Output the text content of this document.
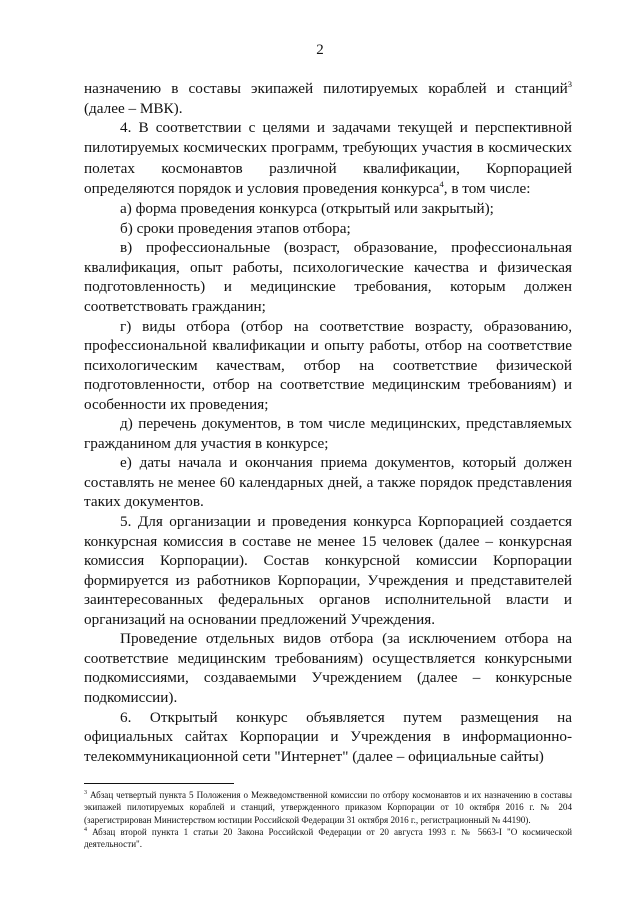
2

назначению в составы экипажей пилотируемых кораблей и станций$^3$ (далее – МВК).

4. В соответствии с целями и задачами текущей и перспективной пилотируемых космических программ, требующих участия в космических полетах космонавтов различной квалификации, Корпорацией определяются порядок и условия проведения конкурса$^4$, в том числе:

а) форма проведения конкурса (открытый или закрытый);

б) сроки проведения этапов отбора;

в) профессиональные (возраст, образование, профессиональная квалификация, опыт работы, психологические качества и физическая подготовленность) и медицинские требования, которым должен соответствовать гражданин;

г) виды отбора (отбор на соответствие возрасту, образованию, профессиональной квалификации и опыту работы, отбор на соответствие психологическим качествам, отбор на соответствие физической подготовленности, отбор на соответствие медицинским требованиям) и особенности их проведения;

д) перечень документов, в том числе медицинских, представляемых гражданином для участия в конкурсе;

е) даты начала и окончания приема документов, который должен составлять не менее 60 календарных дней, а также порядок представления таких документов.

5. Для организации и проведения конкурса Корпорацией создается конкурсная комиссия в составе не менее 15 человек (далее – конкурсная комиссия Корпорации). Состав конкурсной комиссии Корпорации формируется из работников Корпорации, Учреждения и представителей заинтересованных федеральных органов исполнительной власти и организаций на основании предложений Учреждения.

Проведение отдельных видов отбора (за исключением отбора на соответствие медицинским требованиям) осуществляется конкурсными подкомиссиями, создаваемыми Учреждением (далее – конкурсные подкомиссии).

6. Открытый конкурс объявляется путем размещения на официальных сайтах Корпорации и Учреждения в информационно-телекоммуникационной сети "Интернет" (далее – официальные сайты)

$^3$ Абзац четвертый пункта 5 Положения о Межведомственной комиссии по отбору космонавтов и их назначению в составы экипажей пилотируемых кораблей и станций, утвержденного приказом Корпорации от 10 октября 2016 г. № 204 (зарегистрирован Министерством юстиции Российской Федерации 31 октября 2016 г., регистрационный № 44190).

$^4$ Абзац второй пункта 1 статьи 20 Закона Российской Федерации от 20 августа 1993 г. № 5663-I "О космической деятельности".
